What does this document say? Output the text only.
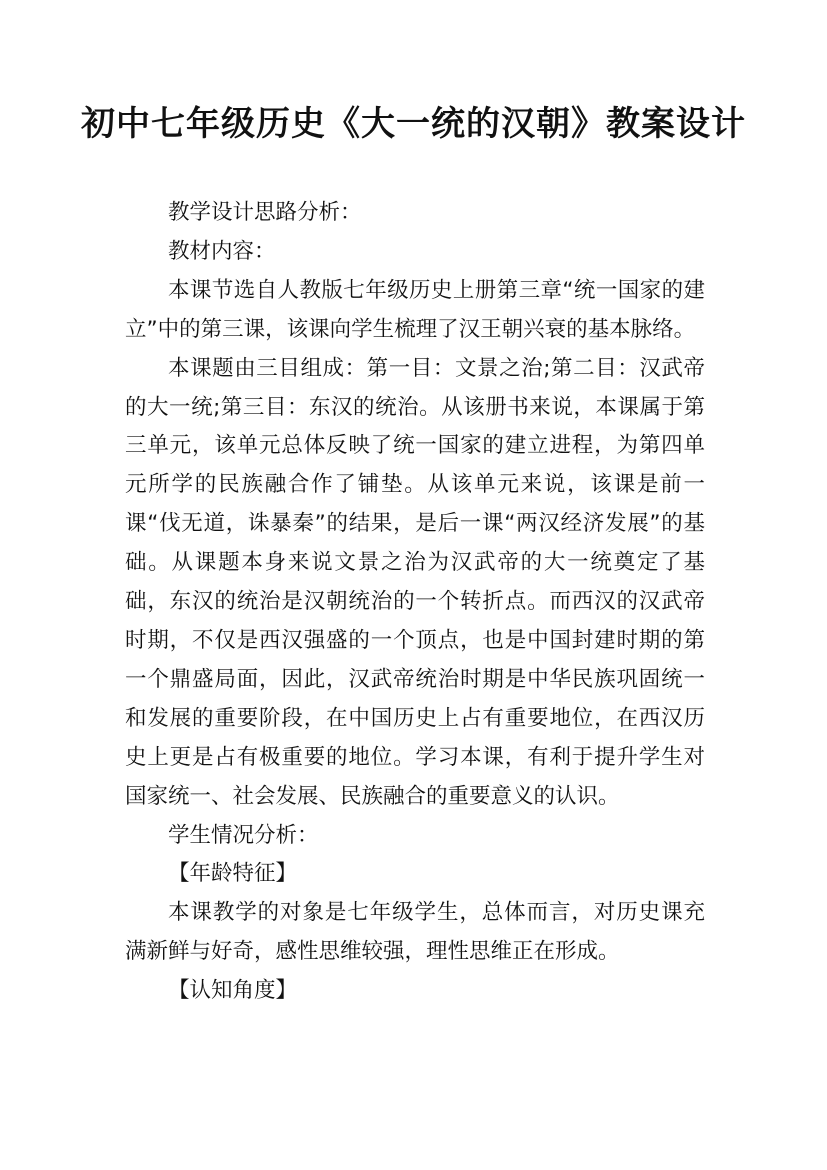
初中七年级历史《大一统的汉朝》教案设计

教学设计思路分析：

教材内容：

本课节选自人教版七年级历史上册第三章“统一国家的建立”中的第三课，该课向学生梳理了汉王朝兴衰的基本脉络。

本课题由三目组成：第一目：文景之治;第二目：汉武帝的大一统;第三目：东汉的统治。从该册书来说，本课属于第三单元，该单元总体反映了统一国家的建立进程，为第四单元所学的民族融合作了铺垫。从该单元来说，该课是前一课“伐无道，诛暴秦”的结果，是后一课“两汉经济发展”的基础。从课题本身来说文景之治为汉武帝的大一统奠定了基础，东汉的统治是汉朝统治的一个转折点。而西汉的汉武帝时期，不仅是西汉强盛的一个顶点，也是中国封建时期的第一个鼎盛局面，因此，汉武帝统治时期是中华民族巩固统一和发展的重要阶段，在中国历史上占有重要地位，在西汉历史上更是占有极重要的地位。学习本课，有利于提升学生对国家统一、社会发展、民族融合的重要意义的认识。

学生情况分析：

【年龄特征】

本课教学的对象是七年级学生，总体而言，对历史课充满新鲜与好奇，感性思维较强，理性思维正在形成。

【认知角度】
